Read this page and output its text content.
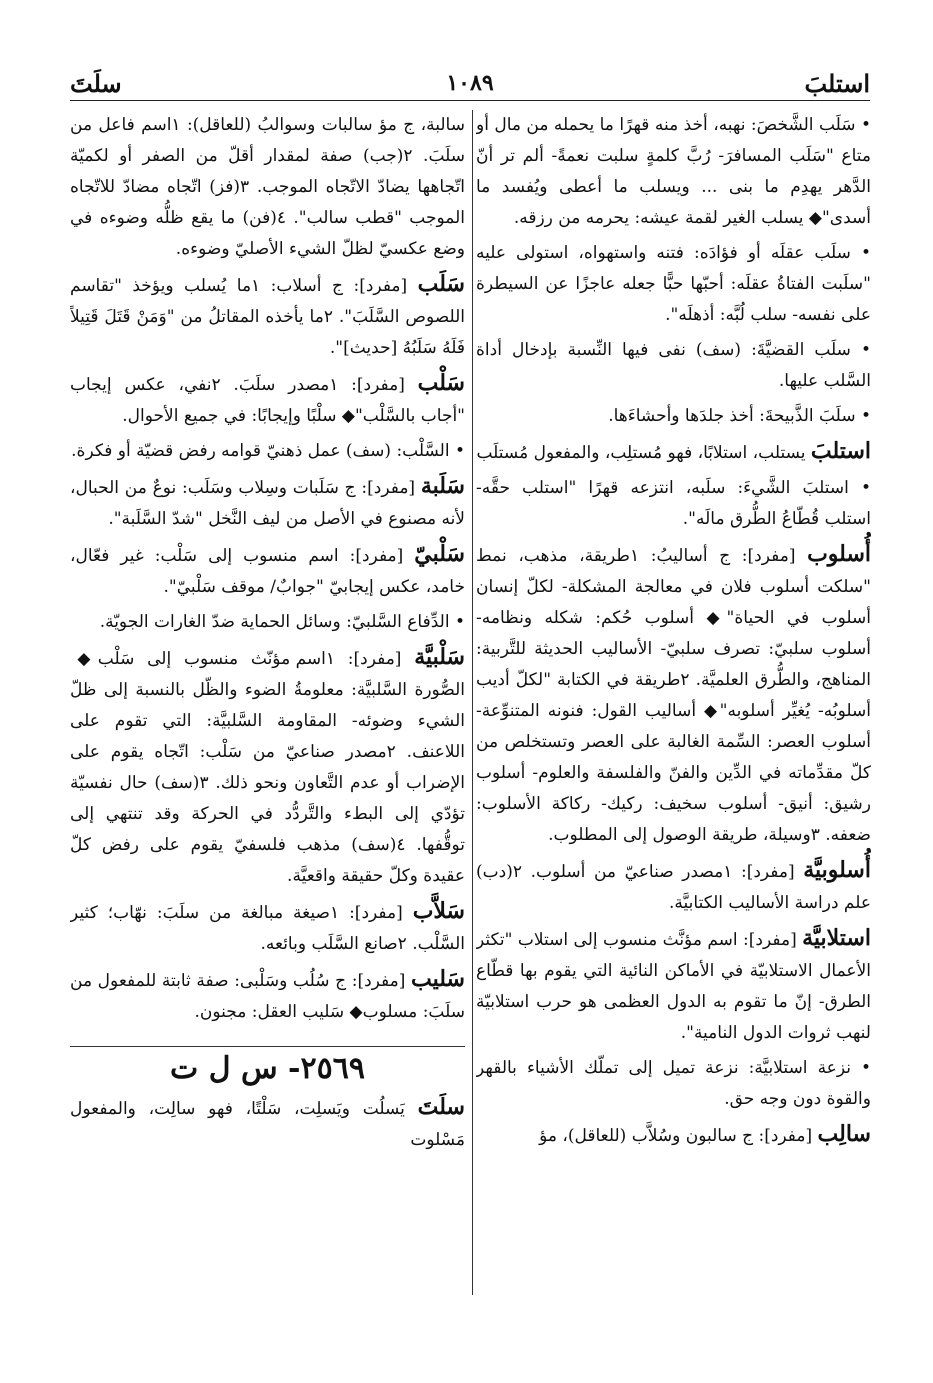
استلبَ
١٠٨٩
سلَتَ

• سَلَب الشَّخصَ: نهبه، أخذ منه قهرًا ما يحمله من مال أو متاع "سَلَب المسافرَ- رُبَّ كلمةٍ سلبت نعمةً- ألم تر أنّ الدَّهر يهدِم ما بنى ... ويسلب ما أعطى ويُفسد ما أسدى"◆ يسلب الغير لقمة عيشه: يحرمه من رزقه.

• سلَب عقلَه أو فؤادَه: فتنه واستهواه، استولى عليه "سلَبت الفتاةُ عقلَه: أحبّها حبًّا جعله عاجزًا عن السيطرة على نفسه- سلب لُبَّه: أذهلَه".

• سلَب القضيَّةَ: (سف) نفى فيها النِّسبة بإدخال أداة السَّلب عليها.

• سلَبَ الذَّبيحةَ: أخذ جلدَها وأحشاءَها.

استلبَ يستلب، استلابًا، فهو مُستلِب، والمفعول مُستلَب

• استلبَ الشَّيءَ: سلَبه، انتزعه قهرًا "استلب حقَّه- استلب قُطّاعُ الطُّرق مالَه".

أُسلوب [مفرد]: ج أساليبُ: ١طريقة، مذهب، نمط "سلكت أسلوب فلان في معالجة المشكلة- لكلّ إنسان أسلوب في الحياة"◆ أسلوب حُكم: شكله ونظامه- أسلوب سلبيّ: تصرف سلبيّ- الأساليب الحديثة للتَّربية: المناهج، والطُّرق العلميَّة. ٢طريقة في الكتابة "لكلّ أديب أسلوبُه- يُغيِّر أسلوبه"◆ أساليب القول: فنونه المتنوِّعة- أسلوب العصر: السِّمة الغالبة على العصر وتستخلص من كلّ مقدِّماته في الدِّين والفنّ والفلسفة والعلوم- أسلوب رشيق: أنيق- أسلوب سخيف: ركيك- ركاكة الأسلوب: ضعفه. ٣وسيلة، طريقة الوصول إلى المطلوب.

أُسلوبيَّة [مفرد]: ١مصدر صناعيّ من أسلوب. ٢(دب) علم دراسة الأساليب الكتابيَّة.

استلابيَّة [مفرد]: اسم مؤنَّث منسوب إلى استلاب "تكثر الأعمال الاستلابيّة في الأماكن النائية التي يقوم بها قطّاع الطرق- إنّ ما تقوم به الدول العظمى هو حرب استلابيّة لنهب ثروات الدول النامية".

• نزعة استلابيَّة: نزعة تميل إلى تملّك الأشياء بالقهر والقوة دون وجه حق.

سالِب [مفرد]: ج سالبون وسُلاَّب (للعاقل)، مؤ

سالبة، ج مؤ سالبات وسوالبُ (للعاقل): ١اسم فاعل من سلَبَ. ٢(جب) صفة لمقدار أقلّ من الصفر أو لكميّة اتّجاهها يضادّ الاتّجاه الموجب. ٣(فز) اتّجاه مضادّ للاتّجاه الموجب "قطب سالب". ٤(فن) ما يقع ظلُّه وضوءه في وضع عكسيّ لظلّ الشيء الأصليّ وضوءه.

سَلَب [مفرد]: ج أسلاب: ١ما يُسلب ويؤخذ "تقاسم اللصوص السَّلَبَ". ٢ما يأخذه المقاتلُ من "وَمَنْ قَتَلَ قَتِيلاً فَلَهُ سَلَبُهُ [حديث]".

سَلْب [مفرد]: ١مصدر سلَبَ. ٢نفي، عكس إيجاب "أجاب بالسَّلْب"◆ سلْبًا وإيجابًا: في جميع الأحوال.

• السَّلْب: (سف) عمل ذهنيّ قوامه رفض قضيّة أو فكرة.

سَلَبة [مفرد]: ج سَلَبات وسِلاب وسَلَب: نوعٌ من الحبال، لأنه مصنوع في الأصل من ليف النَّخل "شدّ السَّلَبة".

سَلْبيّ [مفرد]: اسم منسوب إلى سَلْب: غير فعّال، خامد، عكس إيجابيّ "جوابٌ/ موقف سَلْبيّ".

• الدِّفاع السَّلبيّ: وسائل الحماية ضدّ الغارات الجويّة.

سَلْبيَّة [مفرد]: ١اسم مؤنّث منسوب إلى سَلْب◆ الصُّورة السَّلبيَّة: معلومةُ الضوء والظّل بالنسبة إلى ظلّ الشيء وضوئه- المقاومة السَّلبيَّة: التي تقوم على اللاعنف. ٢مصدر صناعيّ من سَلْب: اتّجاه يقوم على الإضراب أو عدم التَّعاون ونحو ذلك. ٣(سف) حال نفسيّة تؤدّي إلى البطء والتَّردُّد في الحركة وقد تنتهي إلى توقُّفها. ٤(سف) مذهب فلسفيّ يقوم على رفض كلّ عقيدة وكلّ حقيقة واقعيَّة.

سَلاَّب [مفرد]: ١صيغة مبالغة من سلَبَ: نهّاب؛ كثير السَّلْب. ٢صانع السَّلَب وبائعه.

سَليب [مفرد]: ج سُلُب وسَلْبى: صفة ثابتة للمفعول من سلَبَ: مسلوب◆ سَليب العقل: مجنون.

٢٥٦٩- س ل ت

سلَتَ يَسلُت ويَسلِت، سَلْتًا، فهو سالِت، والمفعول مَسْلوت
